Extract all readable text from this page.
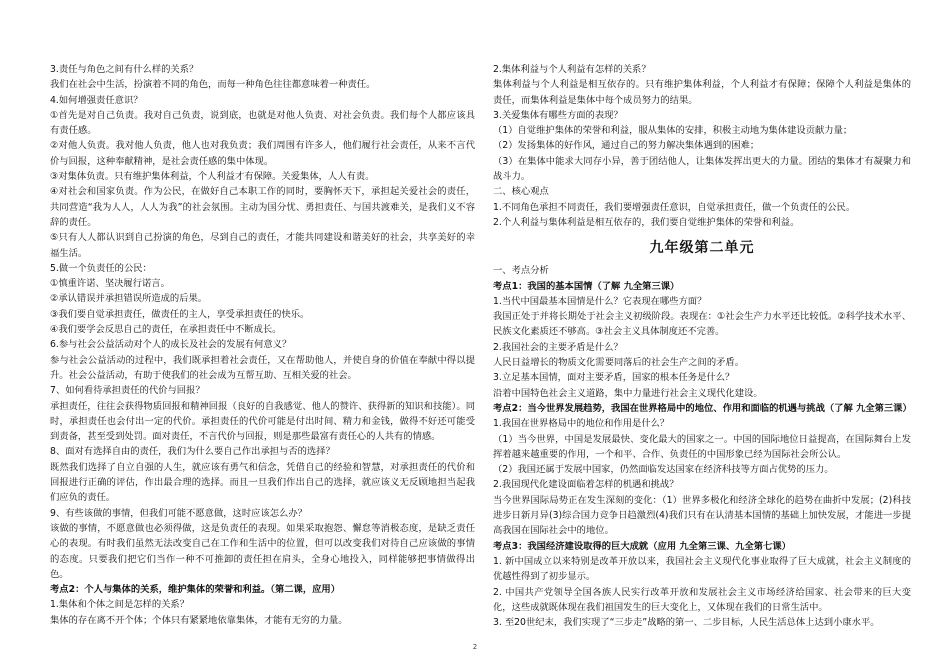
3.责任与角色之间有什么样的关系？

我们在社会中生活，扮演着不同的角色，而每一种角色往往都意味着一种责任。

4.如何增强责任意识？

①首先是对自己负责。我对自己负责，说到底，也就是对他人负责、对社会负责。我们每个人都应该具有责任感。

②对他人负责。我对他人负责，他人也对我负责；我们周围有许多人，他们履行社会责任，从来不言代价与回报，这种奉献精神，是社会责任感的集中体现。

③对集体负责。只有维护集体利益，个人利益才有保障。关爱集体，人人有责。

④对社会和国家负责。作为公民，在做好自己本职工作的同时，要胸怀天下，承担起关爱社会的责任，共同营造“我为人人，人人为我”的社会氛围。主动为国分忧、勇担责任、与国共渡难关，是我们义不容辞的责任。

⑤只有人人都认识到自己扮演的角色，尽到自己的责任，才能共同建设和谐美好的社会，共享美好的幸福生活。

5.做一个负责任的公民：

①慎重许诺、坚决履行诺言。

②承认错误并承担错误所造成的后果。

③我们要自觉承担责任，做责任的主人，享受承担责任的快乐。

④我们要学会反思自己的责任，在承担责任中不断成长。

6.参与社会公益活动对个人的成长及社会的发展有何意义？

参与社会公益活动的过程中，我们既承担着社会责任，又在帮助他人，并使自身的价值在奉献中得以提升。社会公益活动，有助于使我们的社会成为互帮互助、互相关爱的社会。

7、如何看待承担责任的代价与回报？

承担责任，往往会获得物质回报和精神回报（良好的自我感觉、他人的赞许、获得新的知识和技能）。同时，承担责任也会付出一定的代价。承担责任的代价可能是付出时间、精力和金钱，做得不好还可能受到责备，甚至受到处罚。面对责任，不言代价与回报，则是那些最富有责任心的人共有的情感。

8、面对有选择自由的责任，我们为什么要自己作出承担与否的选择？

既然我们选择了自立自强的人生，就应该有勇气和信念，凭借自己的经验和智慧，对承担责任的代价和回报进行正确的评估，作出最合理的选择。而且一旦我们作出自己的选择，就应该义无反顾地担当起我们应负的责任。

9、有些该做的事情，但我们可能不愿意做，这时应该怎么办？

该做的事情，不愿意做也必须得做，这是负责任的表现。如果采取抱怨、懈怠等消极态度，是缺乏责任心的表现。有时我们虽然无法改变自己在工作和生活中的位置，但可以改变我们对待自己应该做的事情的态度。只要我们把它们当作一种不可推卸的责任担在肩头，全身心地投入，同样能够把事情做得出色。

考点2：个人与集体的关系，维护集体的荣誉和利益。（第二课，应用）

1.集体和个体之间是怎样的关系？

集体的存在离不开个体；个体只有紧紧地依靠集体，才能有无穷的力量。

2.集体利益与个人利益有怎样的关系？

集体利益与个人利益是相互依存的。只有维护集体利益，个人利益才有保障；保障个人利益是集体的责任，而集体利益是集体中每个成员努力的结果。

3.关爱集体有哪些方面的表现？

（1）自觉维护集体的荣誉和利益，服从集体的安排，积极主动地为集体建设贡献力量；

（2）发扬集体的好作风，通过自己的努力解决集体遇到的困难；

（3）在集体中能求大同存小异，善于团结他人，让集体发挥出更大的力量。团结的集体才有凝聚力和战斗力。

二、核心观点

1.不同角色承担不同责任，我们要增强责任意识，自觉承担责任，做一个负责任的公民。

2.个人利益与集体利益是相互依存的，我们要自觉维护集体的荣誉和利益。

九年级第二单元

一、考点分析

考点1：我国的基本国情（了解 九全第三课）

1.当代中国最基本国情是什么？它表现在哪些方面？

我国正处于并将长期处于社会主义初级阶段。表现在：①社会生产力水平还比较低。②科学技术水平、民族文化素质还不够高。③社会主义具体制度还不完善。

2.我国社会的主要矛盾是什么？

人民日益增长的物质文化需要同落后的社会生产之间的矛盾。

3.立足基本国情，面对主要矛盾，国家的根本任务是什么？

沿着中国特色社会主义道路，集中力量进行社会主义现代化建设。

考点2：当今世界发展趋势，我国在世界格局中的地位、作用和面临的机遇与挑战（了解 九全第三课）

1.我国在世界格局中的地位和作用是什么？

（1）当今世界，中国是发展最快、变化最大的国家之一。中国的国际地位日益提高，在国际舞台上发挥着越来越重要的作用，一个和平、合作、负责任的中国形象已经为国际社会所公认。

（2）我国还属于发展中国家，仍然面临发达国家在经济科技等方面占优势的压力。

2.我国现代化建设面临着怎样的机遇和挑战？

当今世界国际局势正在发生深刻的变化：（1）世界多极化和经济全球化的趋势在曲折中发展；(2)科技进步日新月异(3)综合国力竞争日趋激烈(4)我们只有在认清基本国情的基础上加快发展，才能进一步提高我国在国际社会中的地位。

考点3：我国经济建设取得的巨大成就（应用 九全第三课、九全第七课）

1. 新中国成立以来特别是改革开放以来，我国社会主义现代化事业取得了巨大成就，社会主义制度的优越性得到了初步显示。

2. 中国共产党领导全国各族人民实行改革开放和发展社会主义市场经济给国家、社会带来的巨大变化，这些成就既体现在我们祖国发生的巨大变化上，又体现在我们的日常生活中。

3. 至20世纪末，我们实现了“三步走”战略的第一、二步目标，人民生活总体上达到小康水平。

2
